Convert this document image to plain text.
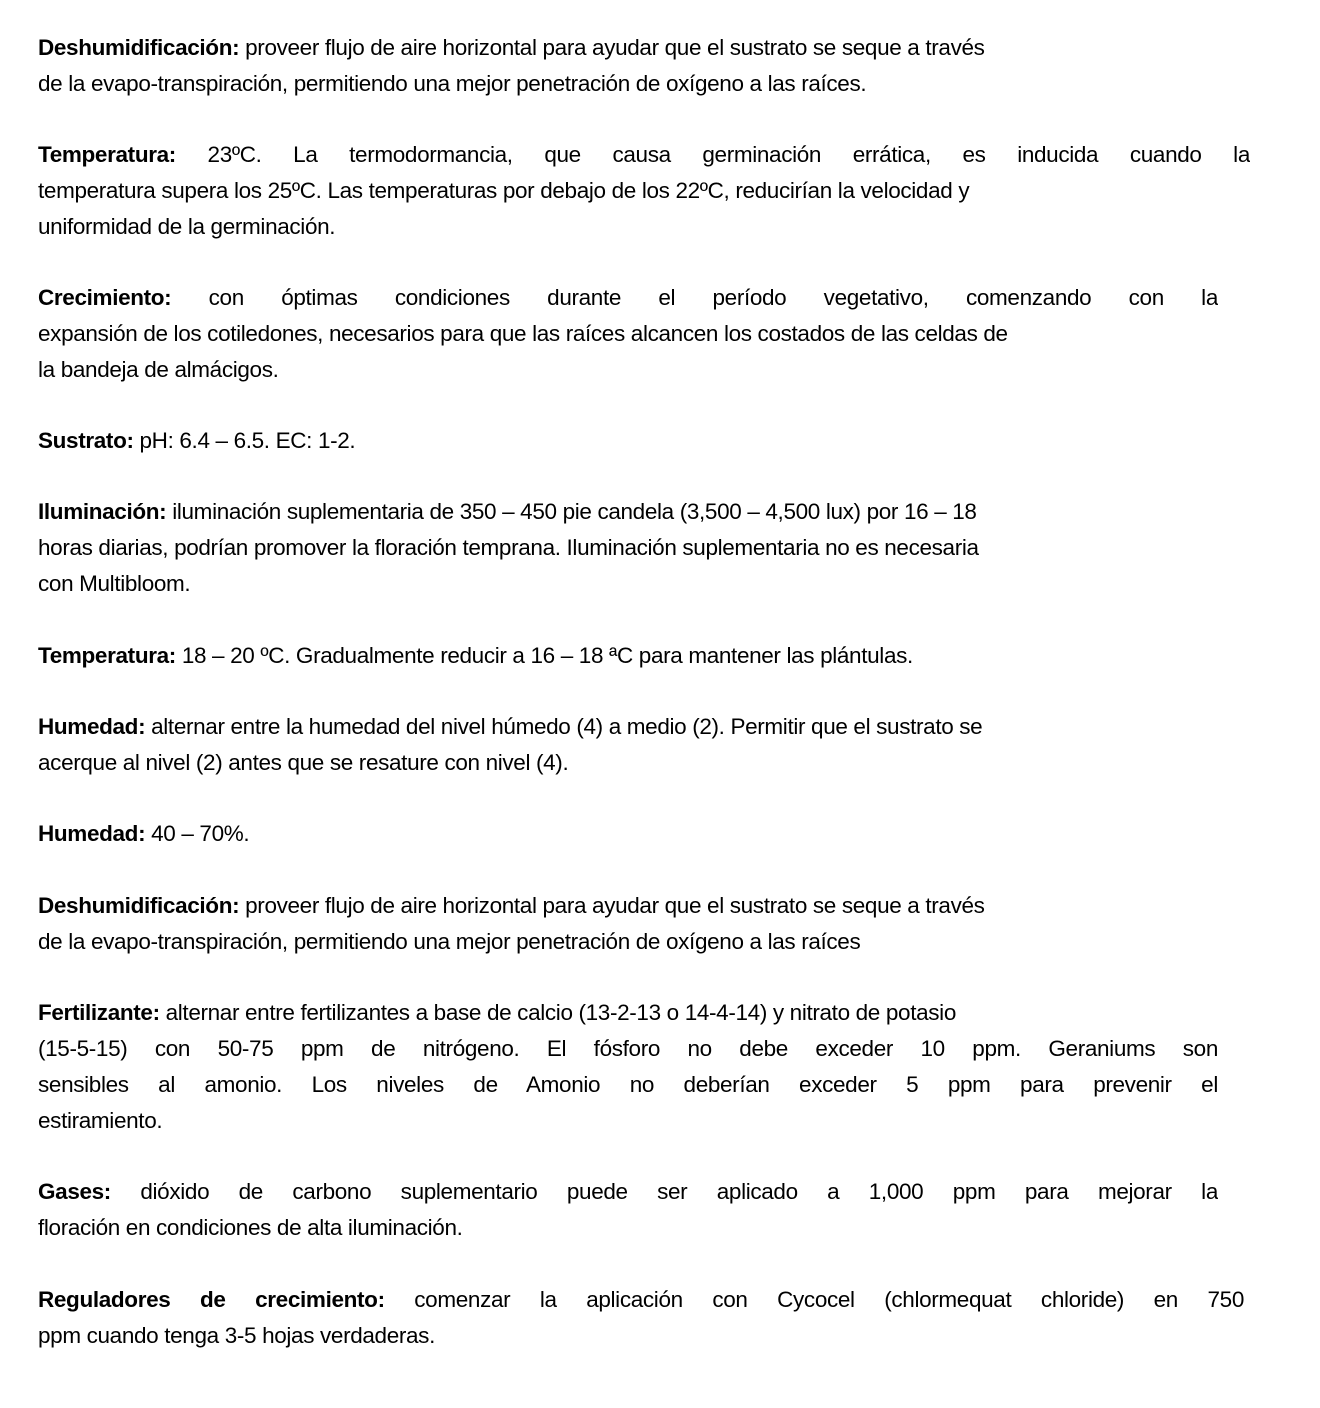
Deshumidificación: proveer flujo de aire horizontal para ayudar que el sustrato se seque a través
de la evapo-transpiración, permitiendo una mejor penetración de oxígeno a las raíces.
Temperatura: 23ºC. La termodormancia, que causa germinación errática, es inducida cuando la
temperatura supera los 25ºC. Las temperaturas por debajo de los 22ºC, reducirían la velocidad y
uniformidad de la germinación.
Crecimiento: con óptimas condiciones durante el período vegetativo, comenzando con la
expansión de los cotiledones, necesarios para que las raíces alcancen los costados de las celdas de
la bandeja de almácigos.
Sustrato: pH: 6.4 – 6.5. EC: 1-2.
Iluminación: iluminación suplementaria de 350 – 450 pie candela (3,500 – 4,500 lux) por 16 – 18
horas diarias, podrían promover la floración temprana. Iluminación suplementaria no es necesaria
con Multibloom.
Temperatura: 18 – 20 ºC. Gradualmente reducir a 16 – 18 ªC para mantener las plántulas.
Humedad: alternar entre la humedad del nivel húmedo (4) a medio (2). Permitir que el sustrato se
acerque al nivel (2) antes que se resature con nivel (4).
Humedad: 40 – 70%.
Deshumidificación: proveer flujo de aire horizontal para ayudar que el sustrato se seque a través
de la evapo-transpiración, permitiendo una mejor penetración de oxígeno a las raíces
Fertilizante: alternar entre fertilizantes a base de calcio (13-2-13 o 14-4-14) y nitrato de potasio
(15-5-15) con 50-75 ppm de nitrógeno. El fósforo no debe exceder 10 ppm. Geraniums son
sensibles al amonio. Los niveles de Amonio no deberían exceder 5 ppm para prevenir el
estiramiento.
Gases: dióxido de carbono suplementario puede ser aplicado a 1,000 ppm para mejorar la
floración en condiciones de alta iluminación.
Reguladores de crecimiento: comenzar la aplicación con Cycocel (chlormequat chloride) en 750
ppm cuando tenga 3-5 hojas verdaderas.
